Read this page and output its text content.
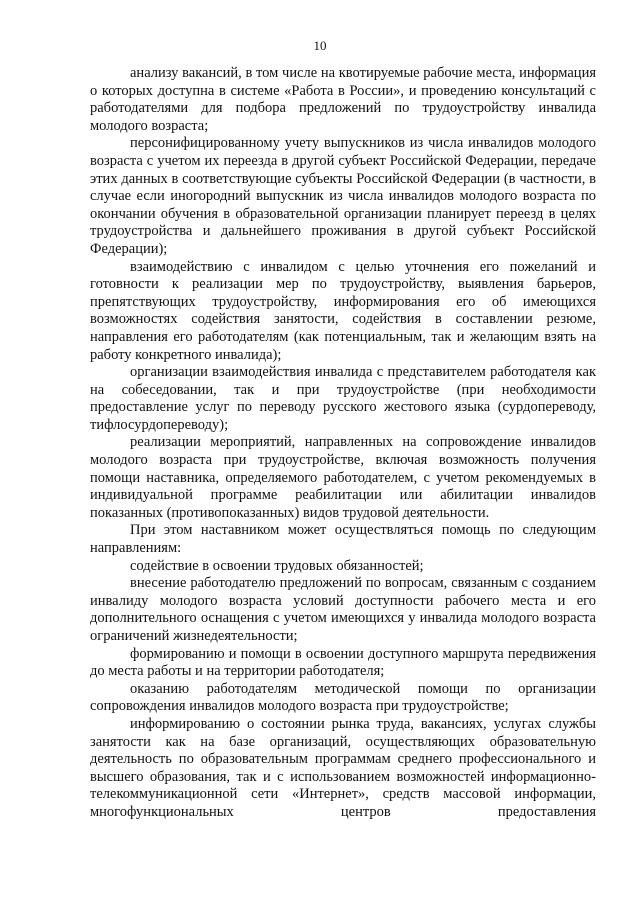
10

анализу вакансий, в том числе на квотируемые рабочие места, информация о которых доступна в системе «Работа в России», и проведению консультаций с работодателями для подбора предложений по трудоустройству инвалида молодого возраста;

персонифицированному учету выпускников из числа инвалидов молодого возраста с учетом их переезда в другой субъект Российской Федерации, передаче этих данных в соответствующие субъекты Российской Федерации (в частности, в случае если иногородний выпускник из числа инвалидов молодого возраста по окончании обучения в образовательной организации планирует переезд в целях трудоустройства и дальнейшего проживания в другой субъект Российской Федерации);

взаимодействию с инвалидом с целью уточнения его пожеланий и готовности к реализации мер по трудоустройству, выявления барьеров, препятствующих трудоустройству, информирования его об имеющихся возможностях содействия занятости, содействия в составлении резюме, направления его работодателям (как потенциальным, так и желающим взять на работу конкретного инвалида);

организации взаимодействия инвалида с представителем работодателя как на собеседовании, так и при трудоустройстве (при необходимости предоставление услуг по переводу русского жестового языка (сурдопереводу, тифлосурдопереводу);

реализации мероприятий, направленных на сопровождение инвалидов молодого возраста при трудоустройстве, включая возможность получения помощи наставника, определяемого работодателем, с учетом рекомендуемых в индивидуальной программе реабилитации или абилитации инвалидов показанных (противопоказанных) видов трудовой деятельности.

При этом наставником может осуществляться помощь по следующим направлениям:

содействие в освоении трудовых обязанностей;

внесение работодателю предложений по вопросам, связанным с созданием инвалиду молодого возраста условий доступности рабочего места и его дополнительного оснащения с учетом имеющихся у инвалида молодого возраста ограничений жизнедеятельности;

формированию и помощи в освоении доступного маршрута передвижения до места работы и на территории работодателя;

оказанию работодателям методической помощи по организации сопровождения инвалидов молодого возраста при трудоустройстве;

информированию о состоянии рынка труда, вакансиях, услугах службы занятости как на базе организаций, осуществляющих образовательную деятельность по образовательным программам среднего профессионального и высшего образования, так и с использованием возможностей информационно-телекоммуникационной сети «Интернет», средств массовой информации, многофункциональных центров предоставления
